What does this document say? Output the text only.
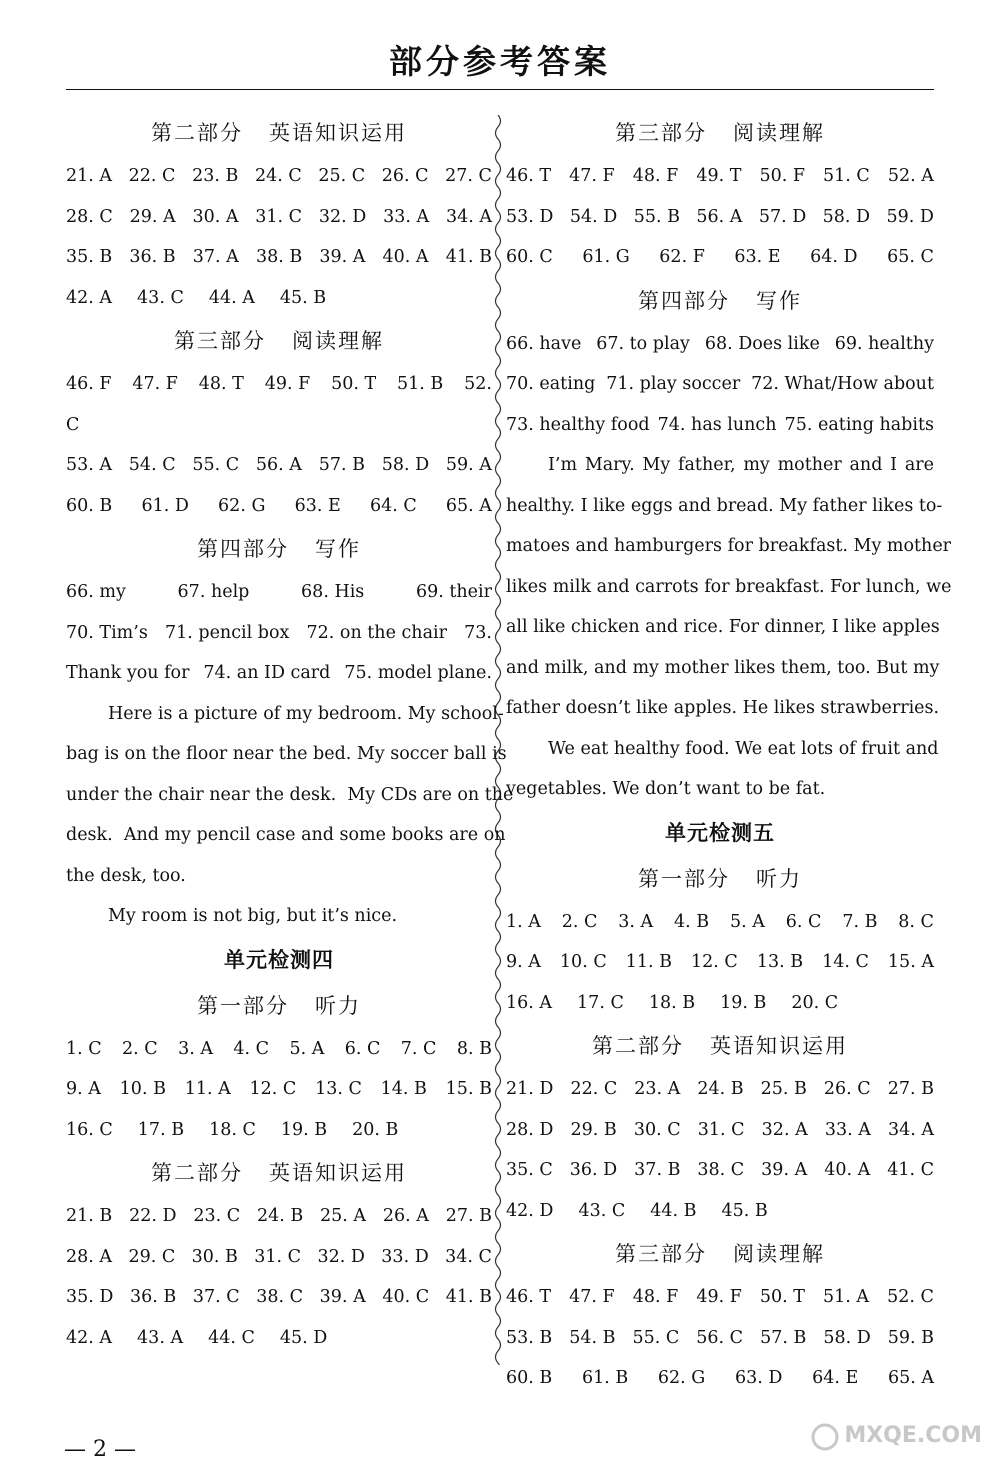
部分参考答案
第二部分   英语知识运用
21. A 22. C 23. B 24. C 25. C 26. C 27. C
28. C 29. A 30. A 31. C 32. D 33. A 34. A
35. B 36. B 37. A 38. B 39. A 40. A 41. B
42. A 43. C 44. A 45. B
第三部分   阅读理解
46. F 47. F 48. T 49. F 50. T 51. B 52.
C
53. A 54. C 55. C 56. A 57. B 58. D 59. A
60. B 61. D 62. G 63. E 64. C 65. A
第四部分   写作
66. my	67. help	68. His	69. their
70. Tim’s 71. pencil box 72. on the chair 73.
Thank you for 74. an ID card 75. model plane.
Here is a picture of my bedroom. My school-
bag is on the floor near the bed. My soccer ball is
under the chair near the desk.  My CDs are on the
desk.  And my pencil case and some books are on
the desk, too.
My room is not big, but it’s nice.
单元检测四
第一部分   听力
1. C 2. C 3. A 4. C 5. A 6. C 7. C 8. B
9. A 10. B 11. A 12. C 13. C 14. B 15. B
16. C 17. B 18. C 19. B 20. B
第二部分   英语知识运用
21. B 22. D 23. C 24. B 25. A 26. A 27. B
28. A 29. C 30. B 31. C 32. D 33. D 34. C
35. D 36. B 37. C 38. C 39. A 40. C 41. B
42. A 43. A 44. C 45. D
第三部分   阅读理解
46. T 47. F 48. F 49. T 50. F 51. C 52. A
53. D 54. D 55. B 56. A 57. D 58. D 59. D
60. C 61. G 62. F 63. E 64. D 65. C
第四部分   写作
66. have 67. to play 68. Does like 69. healthy
70. eating 71. play soccer 72. What/How about
73. healthy food 74. has lunch 75. eating habits
I’m Mary. My father, my mother and I are
healthy. I like eggs and bread. My father likes to-
matoes and hamburgers for breakfast. My mother
likes milk and carrots for breakfast. For lunch, we
all like chicken and rice. For dinner, I like apples
and milk, and my mother likes them, too. But my
father doesn’t like apples. He likes strawberries.
We eat healthy food. We eat lots of fruit and
vegetables. We don’t want to be fat.
单元检测五
第一部分   听力
1. A 2. C 3. A 4. B 5. A 6. C 7. B 8. C
9. A 10. C 11. B 12. C 13. B 14. C 15. A
16. A 17. C 18. B 19. B 20. C
第二部分   英语知识运用
21. D 22. C 23. A 24. B 25. B 26. C 27. B
28. D 29. B 30. C 31. C 32. A 33. A 34. A
35. C 36. D 37. B 38. C 39. A 40. A 41. C
42. D 43. C 44. B 45. B
第三部分   阅读理解
46. T 47. F 48. F 49. F 50. T 51. A 52. C
53. B 54. B 55. C 56. C 57. B 58. D 59. B
60. B 61. B 62. G 63. D 64. E 65. A
— 2 —
MXQE.COM
